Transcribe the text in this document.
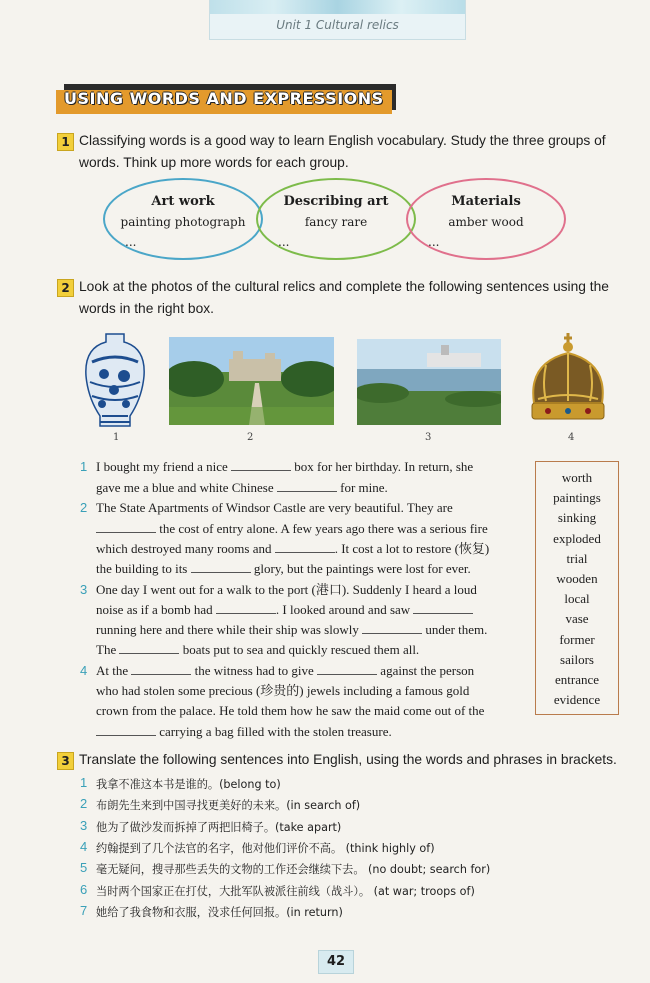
Unit 1 Cultural relics
USING WORDS AND EXPRESSIONS
1 Classifying words is a good way to learn English vocabulary. Study the three groups of
words. Think up more words for each group.
Art work
painting photograph
...
Describing art
fancy rare
...
Materials
amber wood
...
2 Look at the photos of the cultural relics and complete the following sentences using the
words in the right box.
1	2	3	4
1 I bought my friend a nice	box for her birthday. In return, she
gave me a blue and white Chinese	for mine.
2 The State Apartments of Windsor Castle are very beautiful. They are
the cost of entry alone. A few years ago there was a serious fire
which destroyed many rooms and	. It cost a lot to restore (恢复)
the building to its	glory, but the paintings were lost for ever.
3 One day I went out for a walk to the port (港口). Suddenly I heard a loud
noise as if a bomb had	. I looked around and saw
running here and there while their ship was slowly	under them.
The	boats put to sea and quickly rescued them all.
4 At the	the witness had to give	against the person
who had stolen some precious (珍贵的) jewels including a famous gold
crown from the palace. He told them how he saw the maid come out of the
carrying a bag filled with the stolen treasure.
worth
paintings
sinking
exploded
trial
wooden
local
vase
former
sailors
entrance
evidence
3 Translate the following sentences into English, using the words and phrases in brackets.
1 我拿不准这本书是谁的。(belong to)
2 布朗先生来到中国寻找更美好的未来。(in search of)
3 他为了做沙发而拆掉了两把旧椅子。(take apart)
4 约翰提到了几个法官的名字，他对他们评价不高。 (think highly of)
5 毫无疑问，搜寻那些丢失的文物的工作还会继续下去。 (no doubt; search for)
6 当时两个国家正在打仗，大批军队被派往前线（战斗）。 (at war; troops of)
7 她给了我食物和衣服，没求任何回报。(in return)
42
